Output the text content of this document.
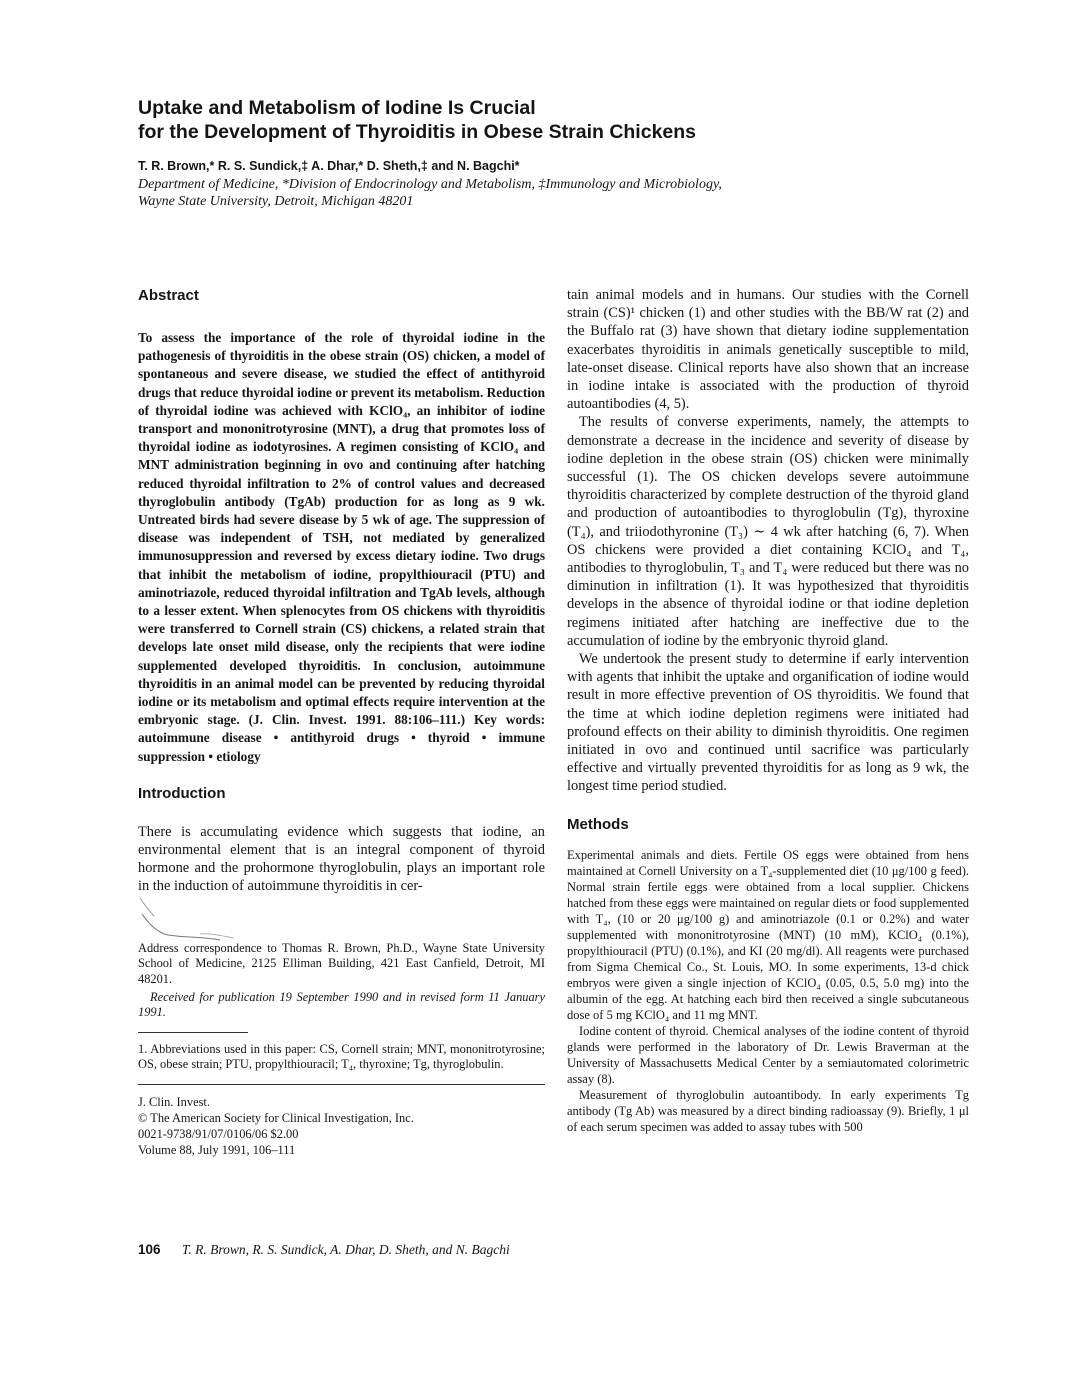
Uptake and Metabolism of Iodine Is Crucial
for the Development of Thyroiditis in Obese Strain Chickens

T. R. Brown,* R. S. Sundick,‡ A. Dhar,* D. Sheth,‡ and N. Bagchi*

Department of Medicine, *Division of Endocrinology and Metabolism, ‡Immunology and Microbiology,
Wayne State University, Detroit, Michigan 48201
Abstract
To assess the importance of the role of thyroidal iodine in the pathogenesis of thyroiditis in the obese strain (OS) chicken, a model of spontaneous and severe disease, we studied the effect of antithyroid drugs that reduce thyroidal iodine or prevent its metabolism. Reduction of thyroidal iodine was achieved with KClO₄, an inhibitor of iodine transport and mononitrotyrosine (MNT), a drug that promotes loss of thyroidal iodine as iodotyrosines. A regimen consisting of KClO₄ and MNT administration beginning in ovo and continuing after hatching reduced thyroidal infiltration to 2% of control values and decreased thyroglobulin antibody (TgAb) production for as long as 9 wk. Untreated birds had severe disease by 5 wk of age. The suppression of disease was independent of TSH, not mediated by generalized immunosuppression and reversed by excess dietary iodine. Two drugs that inhibit the metabolism of iodine, propylthiouracil (PTU) and aminotriazole, reduced thyroidal infiltration and TgAb levels, although to a lesser extent. When splenocytes from OS chickens with thyroiditis were transferred to Cornell strain (CS) chickens, a related strain that develops late onset mild disease, only the recipients that were iodine supplemented developed thyroiditis. In conclusion, autoimmune thyroiditis in an animal model can be prevented by reducing thyroidal iodine or its metabolism and optimal effects require intervention at the embryonic stage. (J. Clin. Invest. 1991. 88:106–111.) Key words: autoimmune disease • antithyroid drugs • thyroid • immune suppression • etiology
Introduction
There is accumulating evidence which suggests that iodine, an environmental element that is an integral component of thyroid hormone and the prohormone thyroglobulin, plays an important role in the induction of autoimmune thyroiditis in cer-

Address correspondence to Thomas R. Brown, Ph.D., Wayne State University School of Medicine, 2125 Elliman Building, 421 East Canfield, Detroit, MI 48201.

Received for publication 19 September 1990 and in revised form 11 January 1991.

1. Abbreviations used in this paper: CS, Cornell strain; MNT, mononitrotyrosine; OS, obese strain; PTU, propylthiouracil; T₄, thyroxine; Tg, thyroglobulin.

J. Clin. Invest.
© The American Society for Clinical Investigation, Inc.
0021-9738/91/07/0106/06 $2.00
Volume 88, July 1991, 106–111

tain animal models and in humans. Our studies with the Cornell strain (CS)¹ chicken (1) and other studies with the BB/W rat (2) and the Buffalo rat (3) have shown that dietary iodine supplementation exacerbates thyroiditis in animals genetically susceptible to mild, late-onset disease. Clinical reports have also shown that an increase in iodine intake is associated with the production of thyroid autoantibodies (4, 5).

The results of converse experiments, namely, the attempts to demonstrate a decrease in the incidence and severity of disease by iodine depletion in the obese strain (OS) chicken were minimally successful (1). The OS chicken develops severe autoimmune thyroiditis characterized by complete destruction of the thyroid gland and production of autoantibodies to thyroglobulin (Tg), thyroxine (T₄), and triiodothyronine (T₃) ∼ 4 wk after hatching (6, 7). When OS chickens were provided a diet containing KClO₄ and T₄, antibodies to thyroglobulin, T₃ and T₄ were reduced but there was no diminution in infiltration (1). It was hypothesized that thyroiditis develops in the absence of thyroidal iodine or that iodine depletion regimens initiated after hatching are ineffective due to the accumulation of iodine by the embryonic thyroid gland.

We undertook the present study to determine if early intervention with agents that inhibit the uptake and organification of iodine would result in more effective prevention of OS thyroiditis. We found that the time at which iodine depletion regimens were initiated had profound effects on their ability to diminish thyroiditis. One regimen initiated in ovo and continued until sacrifice was particularly effective and virtually prevented thyroiditis for as long as 9 wk, the longest time period studied.

Methods

Experimental animals and diets. Fertile OS eggs were obtained from hens maintained at Cornell University on a T₄-supplemented diet (10 μg/100 g feed). Normal strain fertile eggs were obtained from a local supplier. Chickens hatched from these eggs were maintained on regular diets or food supplemented with T₄, (10 or 20 μg/100 g) and aminotriazole (0.1 or 0.2%) and water supplemented with mononitrotyrosine (MNT) (10 mM), KClO₄ (0.1%), propylthiouracil (PTU) (0.1%), and KI (20 mg/dl). All reagents were purchased from Sigma Chemical Co., St. Louis, MO. In some experiments, 13-d chick embryos were given a single injection of KClO₄ (0.05, 0.5, 5.0 mg) into the albumin of the egg. At hatching each bird then received a single subcutaneous dose of 5 mg KClO₄ and 11 mg MNT.

Iodine content of thyroid. Chemical analyses of the iodine content of thyroid glands were performed in the laboratory of Dr. Lewis Braverman at the University of Massachusetts Medical Center by a semiautomated colorimetric assay (8).

Measurement of thyroglobulin autoantibody. In early experiments Tg antibody (Tg Ab) was measured by a direct binding radioassay (9). Briefly, 1 μl of each serum specimen was added to assay tubes with 500

106 T. R. Brown, R. S. Sundick, A. Dhar, D. Sheth, and N. Bagchi
